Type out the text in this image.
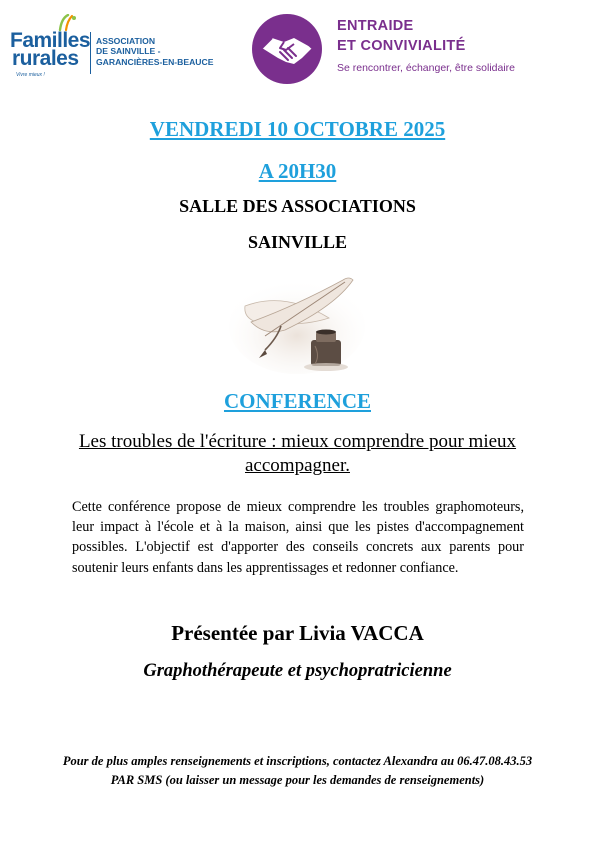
Familles
rurales
Vivre mieux !
ASSOCIATION
DE SAINVILLE -
GARANCIÈRES-EN-BEAUCE
ENTRAIDE
ET CONVIVIALITÉ
Se rencontrer, échanger, être solidaire
VENDREDI 10 OCTOBRE 2025
A 20H30
SALLE DES ASSOCIATIONS
SAINVILLE
CONFERENCE
Les troubles de l'écriture : mieux comprendre pour mieux accompagner.
Cette conférence propose de mieux comprendre les troubles graphomoteurs, leur impact à l'école et à la maison, ainsi que les pistes d'accompagnement possibles. L'objectif est d'apporter des conseils concrets aux parents pour soutenir leurs enfants dans les apprentissages et redonner confiance.
Présentée par Livia VACCA
Graphothérapeute et psychopratricienne
Pour de plus amples renseignements et inscriptions, contactez Alexandra au 06.47.08.43.53 PAR SMS (ou laisser un message pour les demandes de renseignements)
